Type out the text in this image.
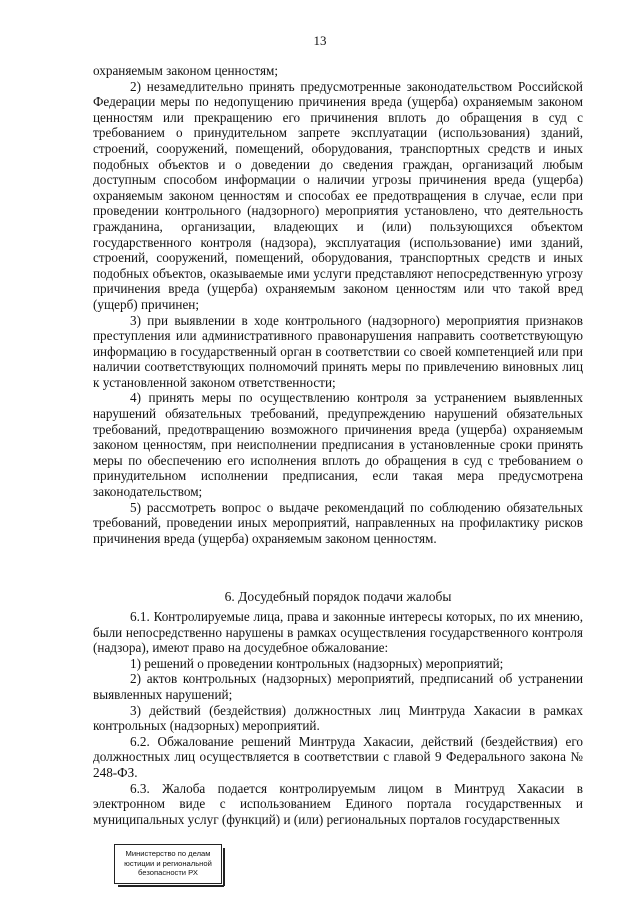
13

охраняемым законом ценностям;

2) незамедлительно принять предусмотренные законодательством Российской Федерации меры по недопущению причинения вреда (ущерба) охраняемым законом ценностям или прекращению его причинения вплоть до обращения в суд с требованием о принудительном запрете эксплуатации (использования) зданий, строений, сооружений, помещений, оборудования, транспортных средств и иных подобных объектов и о доведении до сведения граждан, организаций любым доступным способом информации о наличии угрозы причинения вреда (ущерба) охраняемым законом ценностям и способах ее предотвращения в случае, если при проведении контрольного (надзорного) мероприятия установлено, что деятельность гражданина, организации, владеющих и (или) пользующихся объектом государственного контроля (надзора), эксплуатация (использование) ими зданий, строений, сооружений, помещений, оборудования, транспортных средств и иных подобных объектов, оказываемые ими услуги представляют непосредственную угрозу причинения вреда (ущерба) охраняемым законом ценностям или что такой вред (ущерб) причинен;

3) при выявлении в ходе контрольного (надзорного) мероприятия признаков преступления или административного правонарушения направить соответствующую информацию в государственный орган в соответствии со своей компетенцией или при наличии соответствующих полномочий принять меры по привлечению виновных лиц к установленной законом ответственности;

4) принять меры по осуществлению контроля за устранением выявленных нарушений обязательных требований, предупреждению нарушений обязательных требований, предотвращению возможного причинения вреда (ущерба) охраняемым законом ценностям, при неисполнении предписания в установленные сроки принять меры по обеспечению его исполнения вплоть до обращения в суд с требованием о принудительном исполнении предписания, если такая мера предусмотрена законодательством;

5) рассмотреть вопрос о выдаче рекомендаций по соблюдению обязательных требований, проведении иных мероприятий, направленных на профилактику рисков причинения вреда (ущерба) охраняемым законом ценностям.

6. Досудебный порядок подачи жалобы

6.1. Контролируемые лица, права и законные интересы которых, по их мнению, были непосредственно нарушены в рамках осуществления государственного контроля (надзора), имеют право на досудебное обжалование:

1) решений о проведении контрольных (надзорных) мероприятий;

2) актов контрольных (надзорных) мероприятий, предписаний об устранении выявленных нарушений;

3) действий (бездействия) должностных лиц Минтруда Хакасии в рамках контрольных (надзорных) мероприятий.

6.2. Обжалование решений Минтруда Хакасии, действий (бездействия) его должностных лиц осуществляется в соответствии с главой 9 Федерального закона № 248-ФЗ.

6.3. Жалоба подается контролируемым лицом в Минтруд Хакасии в электронном виде с использованием Единого портала государственных и муниципальных услуг (функций) и (или) региональных порталов государственных

Министерство по делам
юстиции и региональной
безопасности РХ
